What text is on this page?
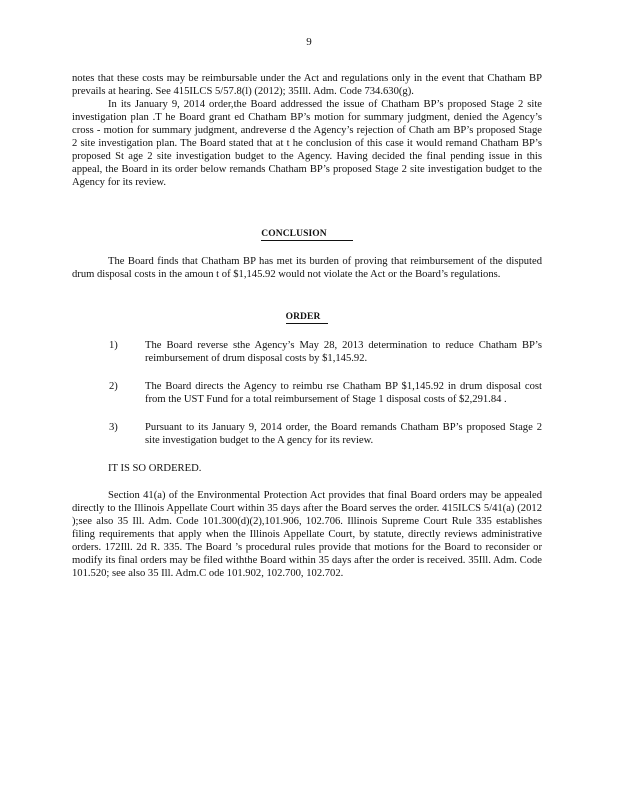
9

notes that these costs may be reimbursable under the Act and regulations only in the event that Chatham BP prevails at hearing. See 415ILCS 5/57.8(l) (2012); 35Ill. Adm. Code 734.630(g).

In its January 9, 2014 order,the Board addressed the issue of Chatham BP’s proposed Stage 2 site investigation plan .T he Board grant ed Chatham BP’s motion for summary judgment, denied the Agency’s cross - motion for summary judgment, andreverse d the Agency’s rejection of Chath am BP’s proposed Stage 2 site investigation plan. The Board stated that at t he conclusion of this case it would remand Chatham BP’s proposed St age 2 site investigation budget to the Agency. Having decided the final pending issue in this appeal, the Board in its order below remands Chatham BP’s proposed Stage 2 site investigation budget to the Agency for its review.

CONCLUSION

The Board finds that Chatham BP has met its burden of proving that reimbursement of the disputed drum disposal costs in the amoun t of $1,145.92 would not violate the Act or the Board’s regulations.

ORDER
1)	The Board reverse sthe Agency’s May 28, 2013 determination to reduce Chatham BP’s reimbursement of drum disposal costs by $1,145.92.

2)	The Board directs the Agency to reimbu rse Chatham BP $1,145.92 in drum disposal cost from the UST Fund for a total reimbursement of Stage 1 disposal costs of $2,291.84 .

3)	Pursuant to its January 9, 2014 order, the Board remands Chatham BP’s proposed Stage 2 site investigation budget to the A gency for its review.

IT IS SO ORDERED.

Section 41(a) of the Environmental Protection Act provides that final Board orders may be appealed directly to the Illinois Appellate Court within 35 days after the Board serves the order. 415ILCS 5/41(a) (2012 );see also 35 Ill. Adm. Code 101.300(d)(2),101.906, 102.706. Illinois Supreme Court Rule 335 establishes filing requirements that apply when the Illinois Appellate Court, by statute, directly reviews administrative orders. 172Ill. 2d R. 335. The Board ’s procedural rules provide that motions for the Board to reconsider or modify its final orders may be filed withthe Board within 35 days after the order is received. 35Ill. Adm. Code 101.520; see also 35 Ill. Adm.C ode 101.902, 102.700, 102.702.
